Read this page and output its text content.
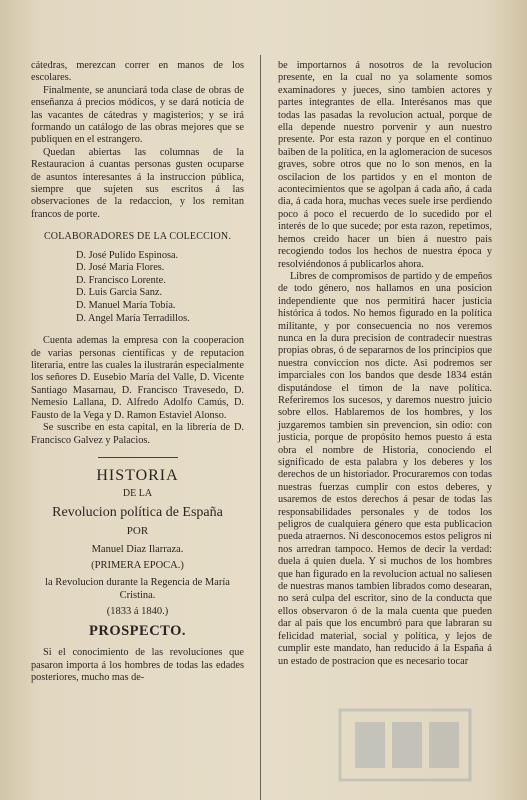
cátedras, merezcan correr en manos de los escolares.

Finalmente, se anunciará toda clase de obras de enseñanza á precios módicos, y se dará noticia de las vacantes de cátedras y magisterios; y se irá formando un catálogo de las obras mejores que se publiquen en el estrangero.

Quedan abiertas las columnas de la Restauracion á cuantas personas gusten ocuparse de asuntos interesantes á la instruccion pública, siempre que sujeten sus escritos á las observaciones de la redaccion, y los remitan francos de porte.

COLABORADORES DE LA COLECCION.
D. José Pulido Espinosa.
D. José María Flores.
D. Francisco Lorente.
D. Luis Garcia Sanz.
D. Manuel María Tobía.
D. Angel María Terradillos.

Cuenta ademas la empresa con la cooperacion de varias personas científicas y de reputacion literaria, entre las cuales la ilustrarán especialmente los señores D. Eusebio María del Valle, D. Vicente Santiago Masarnau, D. Francisco Travesedo, D. Nemesio Lallana, D. Alfredo Adolfo Camús, D. Fausto de la Vega y D. Ramon Estaviel Alonso.

Se suscribe en esta capital, en la librería de D. Francisco Galvez y Palacios.

HISTORIA
DE LA
Revolucion política de España
POR
Manuel Diaz Ilarraza.
(PRIMERA EPOCA.)
la Revolucion durante la Regencia de María Cristina.
(1833 á 1840.)
PROSPECTO.

Si el conocimiento de las revoluciones que pasaron importa á los hombres de todas las edades posteriores, mucho mas de-

be importarnos á nosotros de la revolucion presente, en la cual no ya solamente somos examinadores y jueces, sino tambien actores y partes integrantes de ella. Interésanos mas que todas las pasadas la revolucion actual, porque de ella depende nuestro porvenir y aun nuestro presente. Por esta razon y porque en el continuo baiben de la política, en la aglomeracion de sucesos graves, sobre otros que no lo son menos, en la oscilacion de los partidos y en el monton de acontecimientos que se agolpan á cada año, á cada dia, á cada hora, muchas veces suele irse perdiendo poco á poco el recuerdo de lo sucedido por el interés de lo que sucede; por esta razon, repetimos, hemos creido hacer un bien á nuestro pais recogiendo todos los hechos de nuestra época y resolviéndonos á publicarlos ahora.

Libres de compromisos de partido y de empeños de todo género, nos hallamos en una posicion independiente que nos permitirá hacer justicia histórica á todos. No hemos figurado en la política militante, y por consecuencia no nos veremos nunca en la dura precision de contradecir nuestras propias obras, ó de separarnos de los principios que nuestra conviccion nos dicte. Asi podremos ser imparciales con los bandos que desde 1834 están disputándose el timon de la nave política. Referiremos los sucesos, y daremos nuestro juicio sobre ellos. Hablaremos de los hombres, y los juzgaremos tambien sin prevencion, sin odio: con justicia, porque de propósito hemos puesto á esta obra el nombre de Historia, conociendo el significado de esta palabra y los deberes y los derechos de un historiador. Procuraremos con todas nuestras fuerzas cumplir con estos deberes, y usaremos de estos derechos á pesar de todas las responsabilidades personales y de todos los peligros de cualquiera género que esta publicacion pueda atraernos. Ni desconocemos estos peligros ni nos arredran tampoco. Hemos de decir la verdad: duela á quien duela. Y si muchos de los hombres que han figurado en la revolucion actual no saliesen de nuestras manos tambien librados como desearan, no será culpa del escritor, sino de la conducta que ellos observaron ó de la mala cuenta que pueden dar al pais que los encumbró para que labraran su felicidad material, social y política, y lejos de cumplir este mandato, han reducido á la España á un estado de postracion que es necesario tocar
